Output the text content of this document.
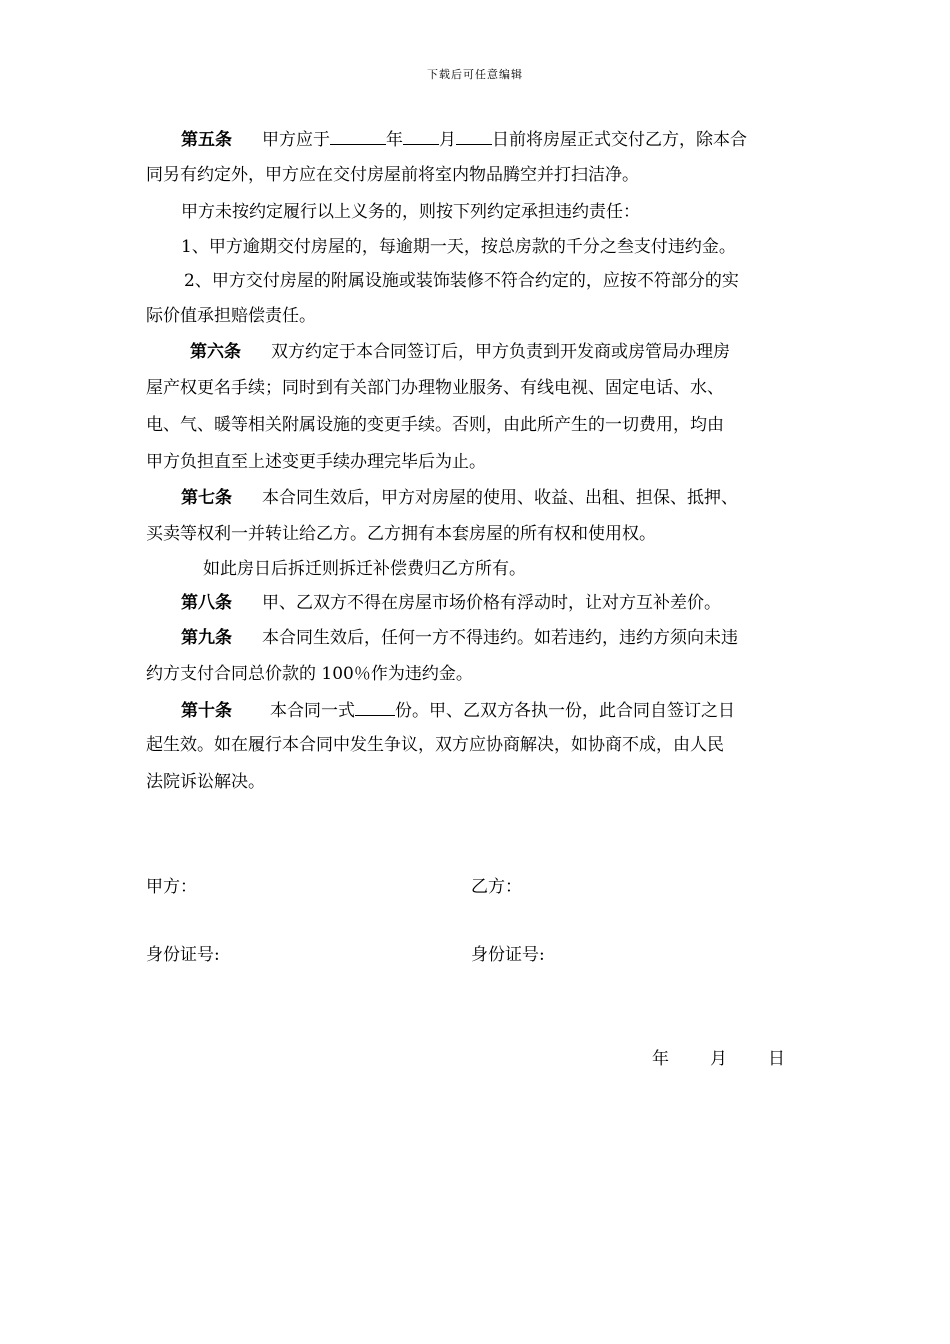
下载后可任意编辑
第五条 甲方应于	年 月 日前将房屋正式交付乙方，除本合
同另有约定外，甲方应在交付房屋前将室内物品腾空并打扫洁净。
甲方未按约定履行以上义务的，则按下列约定承担违约责任：
1、甲方逾期交付房屋的，每逾期一天，按总房款的千分之叁支付违约金。
2、甲方交付房屋的附属设施或装饰装修不符合约定的，应按不符部分的实
际价值承担赔偿责任。
第六条 双方约定于本合同签订后，甲方负责到开发商或房管局办理房
屋产权更名手续；同时到有关部门办理物业服务、有线电视、固定电话、水、
电、气、暖等相关附属设施的变更手续。否则，由此所产生的一切费用，均由
甲方负担直至上述变更手续办理完毕后为止。
第七条 本合同生效后，甲方对房屋的使用、收益、出租、担保、抵押、
买卖等权利一并转让给乙方。乙方拥有本套房屋的所有权和使用权。
如此房日后拆迁则拆迁补偿费归乙方所有。
第八条 甲、乙双方不得在房屋市场价格有浮动时，让对方互补差价。
第九条 本合同生效后，任何一方不得违约。如若违约，违约方须向未违
约方支付合同总价款的 100％作为违约金。
第十条 本合同一式 份。甲、乙双方各执一份，此合同自签订之日
起生效。如在履行本合同中发生争议，双方应协商解决，如协商不成，由人民
法院诉讼解决。
甲方：	乙方：
身份证号:	身份证号:
年 月 日
